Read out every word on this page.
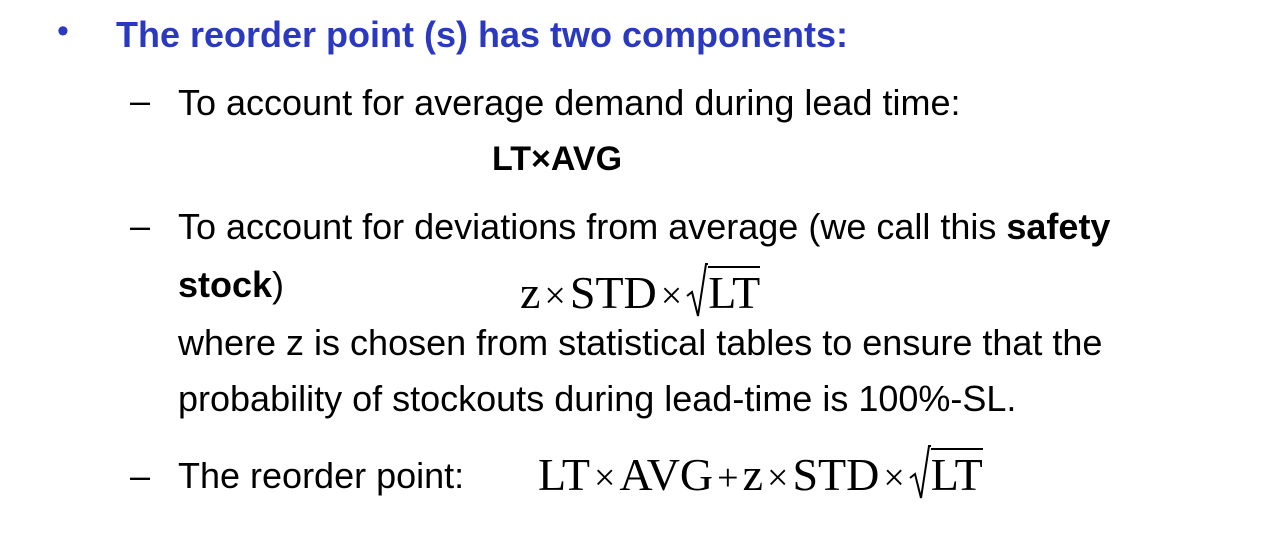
• The reorder point (s) has two components:
– To account for average demand during lead time:
LT×AVG
– To account for deviations from average (we call this safety
stock)	z ×STD × LT
where z is chosen from statistical tables to ensure that the
probability of stockouts during lead-time is 100%-SL.
– The reorder point: LT ×AVG +z ×STD × LT
